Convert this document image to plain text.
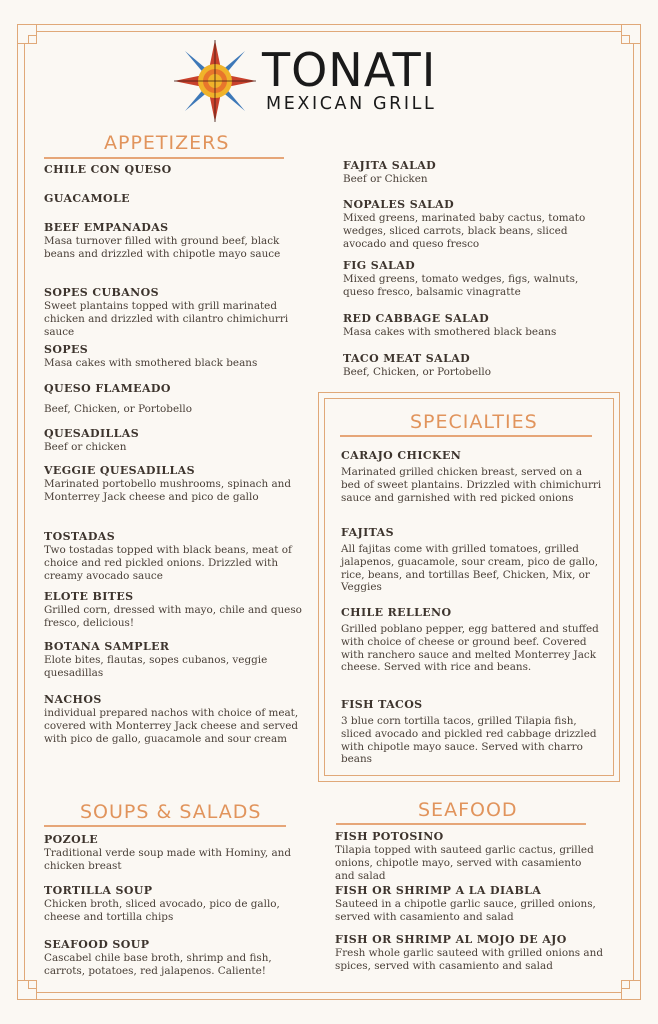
TONATI
MEXICAN GRILL
APPETIZERS
CHILE CON QUESO
GUACAMOLE
BEEF EMPANADAS
Masa turnover filled with ground beef, black beans and drizzled with chipotle mayo sauce
SOPES CUBANOS
Sweet plantains topped with grill marinated chicken and drizzled with cilantro chimichurri sauce
SOPES
Masa cakes with smothered black beans
QUESO FLAMEADO
Beef, Chicken, or Portobello
QUESADILLAS
Beef or chicken
VEGGIE QUESADILLAS
Marinated portobello mushrooms, spinach and Monterrey Jack cheese and pico de gallo
TOSTADAS
Two tostadas topped with black beans, meat of choice and red pickled onions. Drizzled with creamy avocado sauce
ELOTE BITES
Grilled corn, dressed with mayo, chile and queso fresco, delicious!
BOTANA SAMPLER
Elote bites, flautas, sopes cubanos, veggie quesadillas
NACHOS
individual prepared nachos with choice of meat, covered with Monterrey Jack cheese and served with pico de gallo, guacamole and sour cream
FAJITA SALAD
Beef or Chicken
NOPALES SALAD
Mixed greens, marinated baby cactus, tomato wedges, sliced carrots, black beans, sliced avocado and queso fresco
FIG SALAD
Mixed greens, tomato wedges, figs, walnuts, queso fresco, balsamic vinagratte
RED CABBAGE SALAD
Masa cakes with smothered black beans
TACO MEAT SALAD
Beef, Chicken, or Portobello
SPECIALTIES
CARAJO CHICKEN
Marinated grilled chicken breast, served on a bed of sweet plantains. Drizzled with chimichurri sauce and garnished with red picked onions
FAJITAS
All fajitas come with grilled tomatoes, grilled jalapenos, guacamole, sour cream, pico de gallo, rice, beans, and tortillas Beef, Chicken, Mix, or Veggies
CHILE RELLENO
Grilled poblano pepper, egg battered and stuffed with choice of cheese or ground beef. Covered with ranchero sauce and melted Monterrey Jack cheese. Served with rice and beans.
FISH TACOS
3 blue corn tortilla tacos, grilled Tilapia fish, sliced avocado and pickled red cabbage drizzled with chipotle mayo sauce. Served with charro beans
SOUPS & SALADS
POZOLE
Traditional verde soup made with Hominy, and chicken breast
TORTILLA SOUP
Chicken broth, sliced avocado, pico de gallo, cheese and tortilla chips
SEAFOOD SOUP
Cascabel chile base broth, shrimp and fish, carrots, potatoes, red jalapenos. Caliente!
SEAFOOD
FISH POTOSINO
Tilapia topped with sauteed garlic cactus, grilled onions, chipotle mayo, served with casamiento and salad
FISH OR SHRIMP A LA DIABLA
Sauteed in a chipotle garlic sauce, grilled onions, served with casamiento and salad
FISH OR SHRIMP AL MOJO DE AJO
Fresh whole garlic sauteed with grilled onions and spices, served with casamiento and salad
